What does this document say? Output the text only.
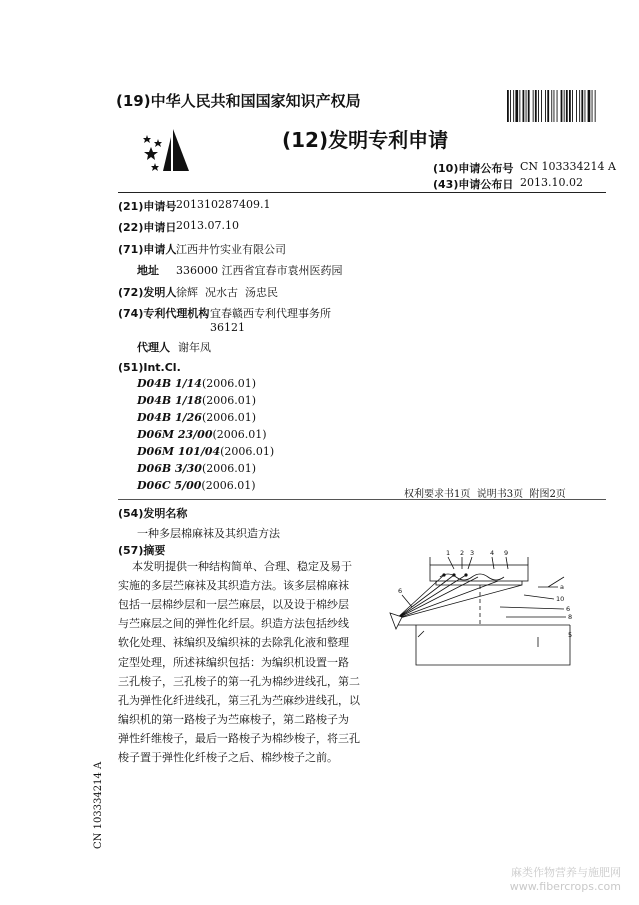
(19)中华人民共和国国家知识产权局
(12)发明专利申请
(10)申请公布号 CN 103334214 A
(43)申请公布日 2013.10.02
(21)申请号 201310287409.1
(22)申请日 2013.07.10
(71)申请人 江西井竹实业有限公司
地址 336000 江西省宜春市袁州医药园
(72)发明人 徐辉  况水古  汤忠民
(74)专利代理机构 宜春赣西专利代理事务所
36121
代理人 谢年凤
(51)Int.Cl.
D04B 1/14(2006.01)
D04B 1/18(2006.01)
D04B 1/26(2006.01)
D06M 23/00(2006.01)
D06M 101/04(2006.01)
D06B 3/30(2006.01)
D06C 5/00(2006.01)
权利要求书1页  说明书3页  附图2页
(54)发明名称
一种多层棉麻袜及其织造方法
(57)摘要
本发明提供一种结构简单、合理、稳定及易于
实施的多层苎麻袜及其织造方法。该多层棉麻袜
包括一层棉纱层和一层苎麻层，以及设于棉纱层
与苎麻层之间的弹性化纤层。织造方法包括纱线
软化处理、袜编织及编织袜的去除乳化液和整理
定型处理，所述袜编织包括：为编织机设置一路
三孔梭子，三孔梭子的第一孔为棉纱进线孔，第二
孔为弹性化纤进线孔，第三孔为苎麻纱进线孔，以
编织机的第一路梭子为苎麻梭子，第二路梭子为
弹性纤维梭子，最后一路梭子为棉纱梭子，将三孔
梭子置于弹性化纤梭子之后、棉纱梭子之前。
1 2 3 4 9
6	a
10
6
8
5
CN 103334214 A
麻类作物营养与施肥网
www.fibercrops.com
